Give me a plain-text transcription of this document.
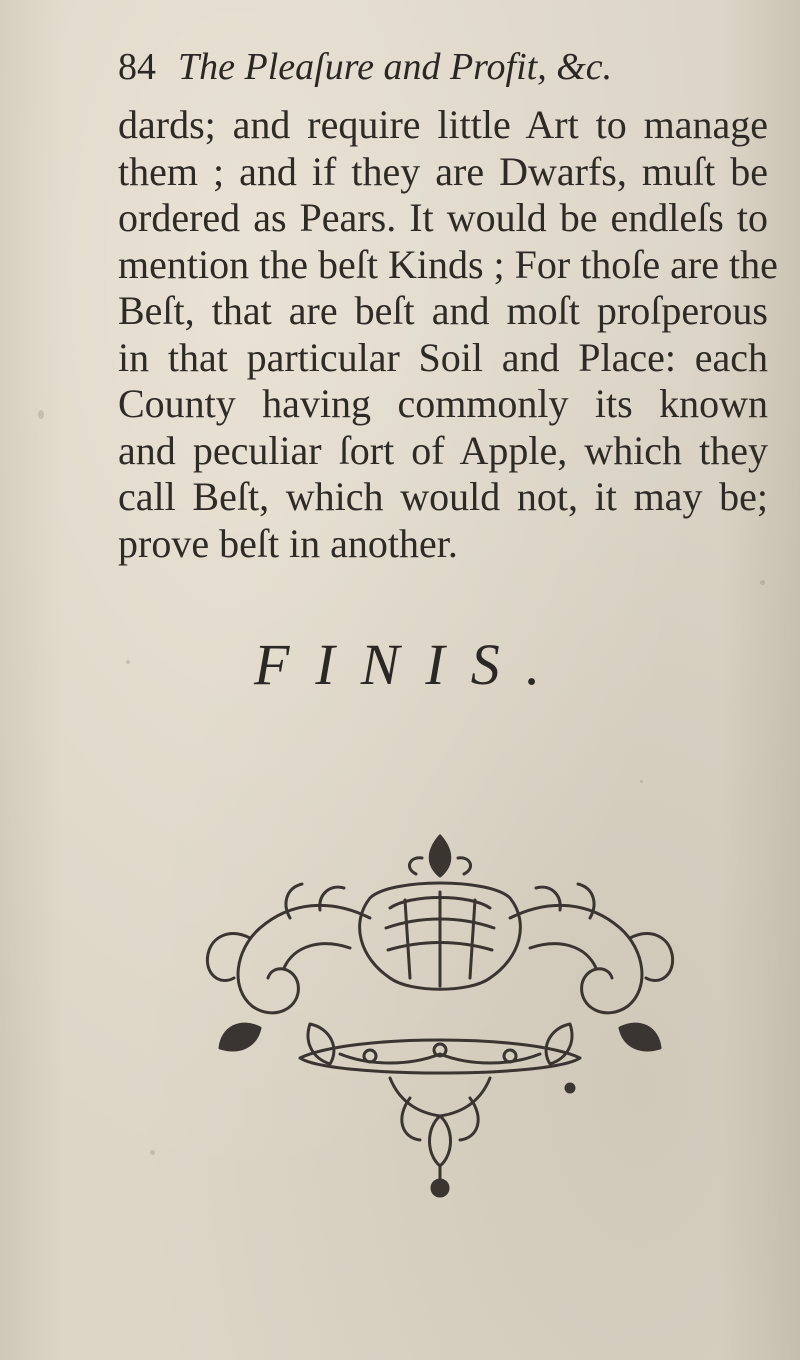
84 The Pleaſure and Profit, &c.
dards; and require little Art to manage
them ; and if they are Dwarfs, muſt be
ordered as Pears. It would be endleſs to
mention the beſt Kinds ; For thoſe are the
Beſt, that are beſt and moſt proſperous
in that particular Soil and Place: each
County having commonly its known
and peculiar ſort of Apple, which they
call Beſt, which would not, it may be;
prove beſt in another.
FINIS.
